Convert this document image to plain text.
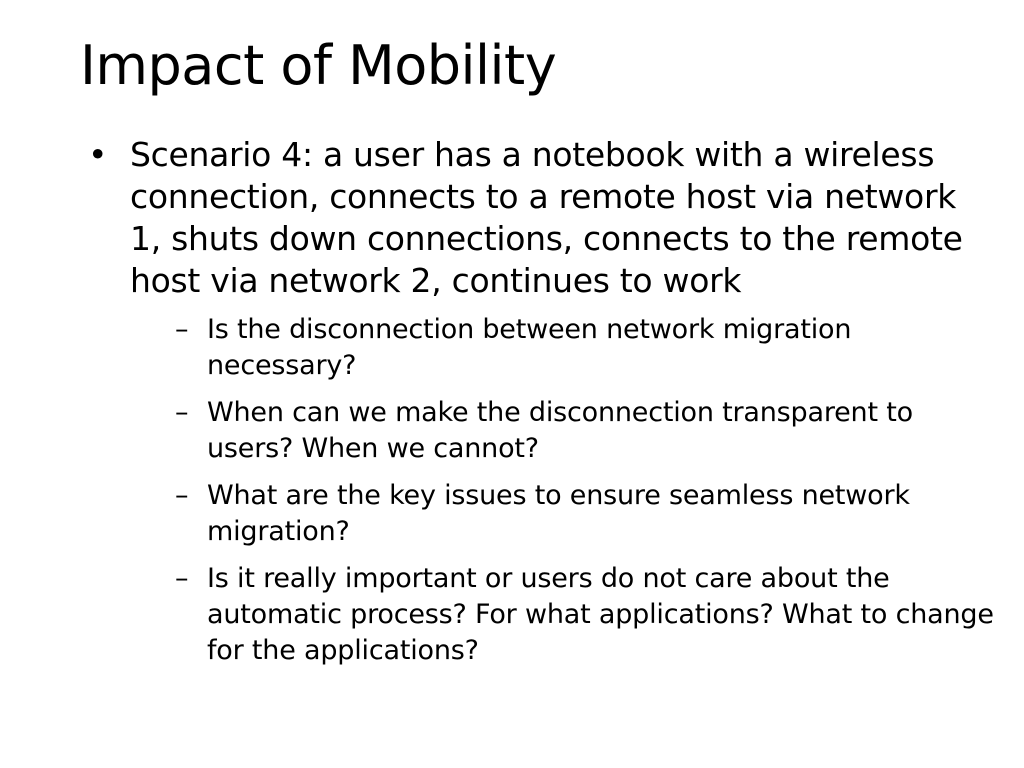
Impact of Mobility
• Scenario 4: a user has a notebook with a wireless connection, connects to a remote host via network 1, shuts down connections, connects to the remote host via network 2, continues to work
– Is the disconnection between network migration necessary?
– When can we make the disconnection transparent to users? When we cannot?
– What are the key issues to ensure seamless network migration?
– Is it really important or users do not care about the automatic process? For what applications? What to change for the applications?
